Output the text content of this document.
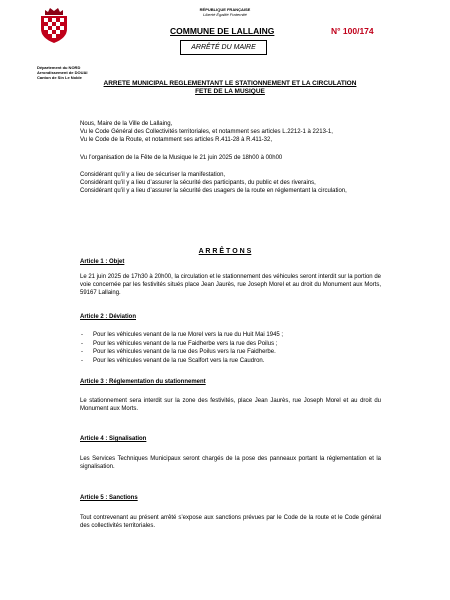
Département du NORD
Arrondissement de DOUAI
Canton de Sin Le Noble
RÉPUBLIQUE FRANÇAISE
Liberté Égalité Fraternité
COMMUNE DE LALLAING	N° 100/174
ARRÊTÉ DU MAIRE
ARRETE MUNICIPAL REGLEMENTANT LE STATIONNEMENT ET LA CIRCULATION
FETE DE LA MUSIQUE
Nous, Maire de la Ville de Lallaing,
Vu le Code Général des Collectivités territoriales, et notamment ses articles L.2212-1 à 2213-1,
Vu le Code de la Route, et notamment ses articles R.411-28 à R.411-32,
Vu l’organisation de la Fête de la Musique le 21 juin 2025 de 18h00 à 00h00
Considérant qu’il y a lieu de sécuriser la manifestation,
Considérant qu’il y a lieu d’assurer la sécurité des participants, du public et des riverains,
Considérant qu’il y a lieu d’assurer la sécurité des usagers de la route en réglementant la circulation,
A R R Ê T O N S
Article 1 : Objet
Le 21 juin 2025 de 17h30 à 20h00, la circulation et le stationnement des véhicules seront interdit sur la portion de voie concernée par les festivités situés place Jean Jaurès, rue Joseph Morel et au droit du Monument aux Morts, 59167 Lallaing.
Article 2 : Déviation
- Pour les véhicules venant de la rue Morel vers la rue du Huit Mai 1945 ;
- Pour les véhicules venant de la rue Faidherbe vers la rue des Poilus ;
- Pour les véhicules venant de la rue des Poilus vers la rue Faidherbe.
- Pour les véhicules venant de la rue Scalfort vers la rue Caudron.
Article 3 : Réglementation du stationnement
Le stationnement sera interdit sur la zone des festivités, place Jean Jaurès, rue Joseph Morel et au droit du Monument aux Morts.
Article 4 : Signalisation
Les Services Techniques Municipaux seront chargés de la pose des panneaux portant la réglementation et la signalisation.
Article 5 : Sanctions
Tout contrevenant au présent arrêté s’expose aux sanctions prévues par le Code de la route et le Code général des collectivités territoriales.
